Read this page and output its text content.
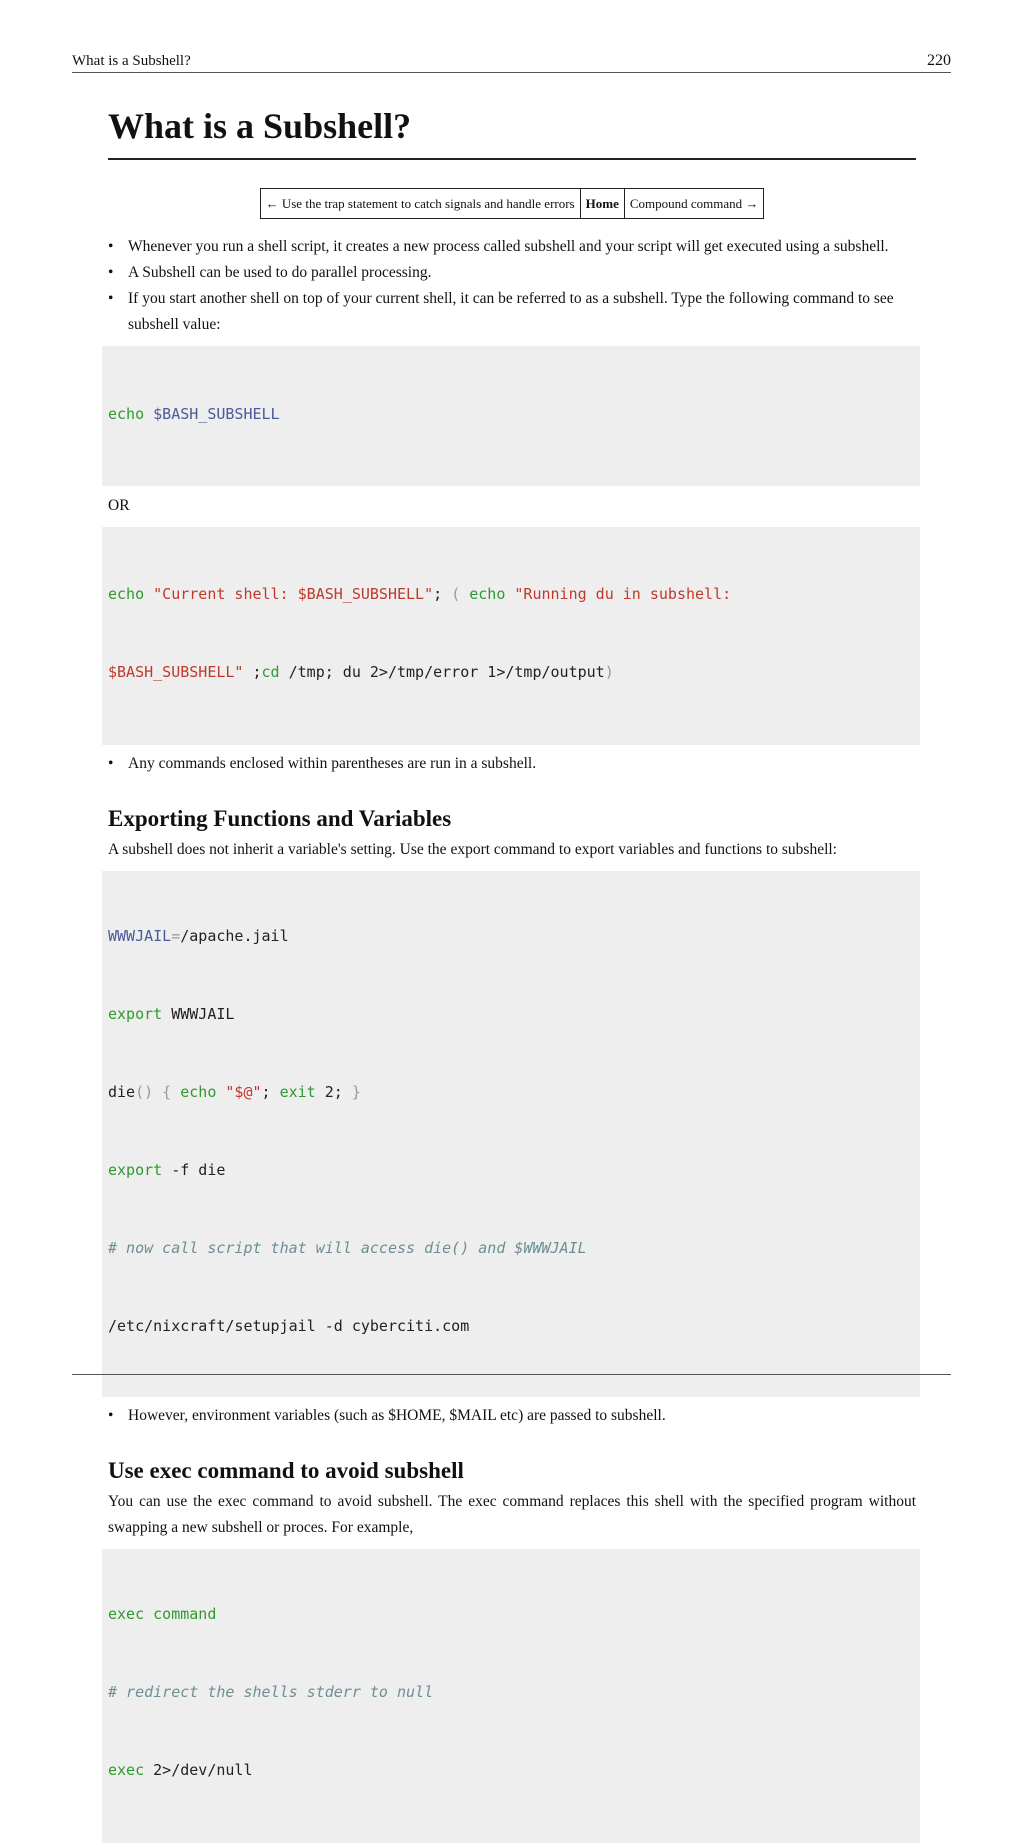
What is a Subshell?	220
What is a Subshell?
← Use the trap statement to catch signals and handle errors	Home	Compound command →
• Whenever you run a shell script, it creates a new process called subshell and your script will get executed using a subshell.
• A Subshell can be used to do parallel processing.
• If you start another shell on top of your current shell, it can be referred to as a subshell. Type the following command to see subshell value:

echo $BASH_SUBSHELL

OR

echo "Current shell: $BASH_SUBSHELL"; ( echo "Running du in subshell:

$BASH_SUBSHELL" ;cd /tmp; du 2>/tmp/error 1>/tmp/output)

• Any commands enclosed within parentheses are run in a subshell.
Exporting Functions and Variables

A subshell does not inherit a variable's setting. Use the export command to export variables and functions to subshell:

WWWJAIL=/apache.jail

export WWWJAIL

die() { echo "$@"; exit 2; }

export -f die

# now call script that will access die() and $WWWJAIL

/etc/nixcraft/setupjail -d cyberciti.com

• However, environment variables (such as $HOME, $MAIL etc) are passed to subshell.
Use exec command to avoid subshell

You can use the exec command to avoid subshell. The exec command replaces this shell with the specified program without swapping a new subshell or proces. For example,

exec command

# redirect the shells stderr to null

exec 2>/dev/null
